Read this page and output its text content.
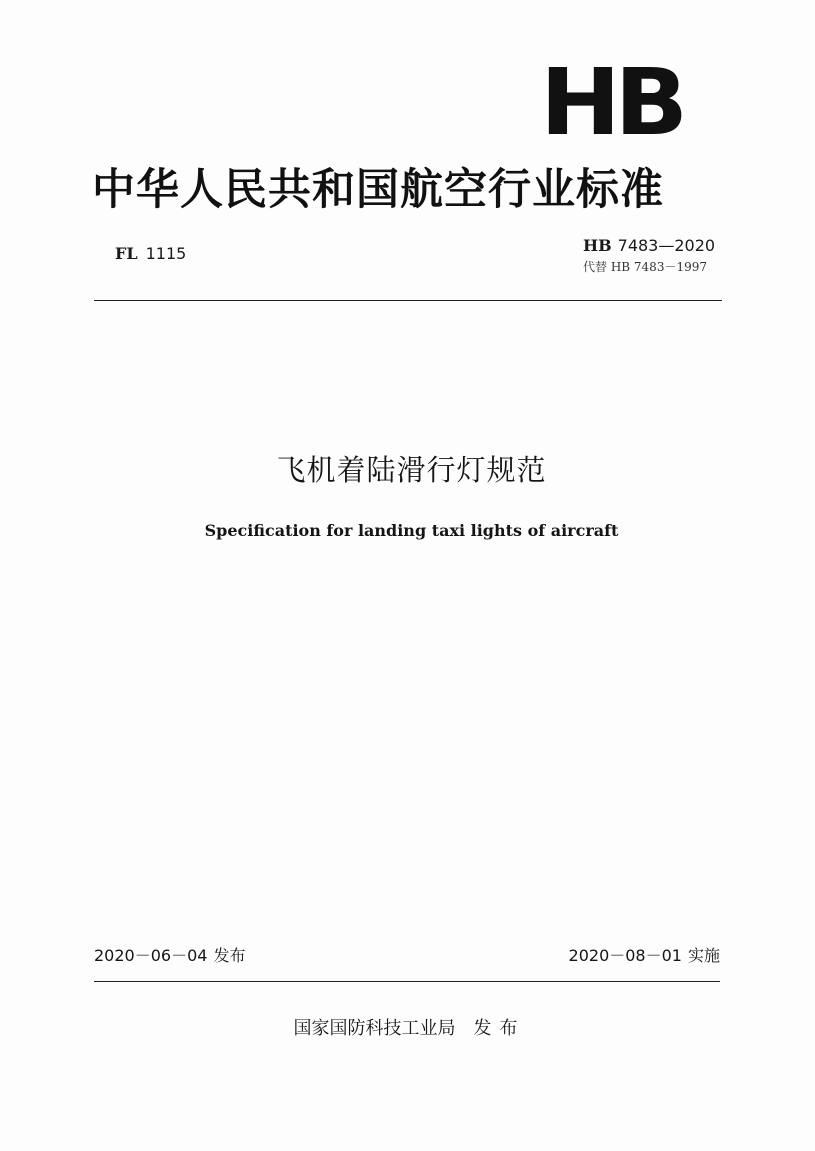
HB
中华人民共和国航空行业标准
FL 1115	HB 7483—2020
代替 HB 7483－1997
飞机着陆滑行灯规范
Specification for landing taxi lights of aircraft
2020－06－04 发布	2020－08－01 实施
国家国防科技工业局 发布
